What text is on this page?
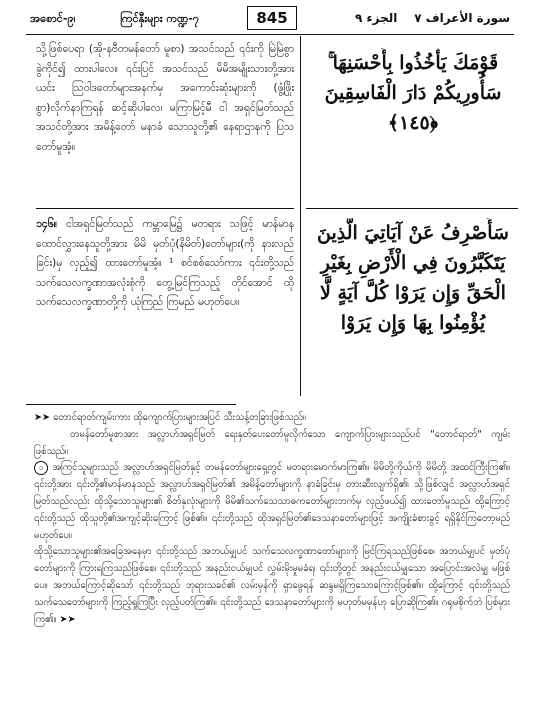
အစောင်-၉၊	ကြင်နှီးများ ကဏ္ဍ-၇	845	الجزء ٩ سورة الأعراف ٧
သို့ဖြစ်ပေရာ (အို-နဗီတမန်တော် မူစာ) အသင်သည် ၎င်းကို မြဲမြဲစွာ ခွဲကိုင်၍ ထားပါလေ။ ၎င်းပြင် အသင်သည် မိမိအမျိုးသားတို့အား ယင်း သြဝါဒတော်များအနက်မှ အကောင်းဆုံးများကို (ဖွံ့ဖြိုးစွာ)လိုက်နာကြရန် ဆင့်ဆိုပါလေ၊ မကြာမြင့်မီ ငါ အရှင်မြတ်သည် အသင်တို့အား အမိန့်တော် မနာခံ သောသူတို့၏ နေရာဌာနကို ပြသတော်မူအံ့။
قَوْمَكَ يَأْخُذُوا بِأَحْسَنِهَا ۚ سَأُورِيكُمْ دَارَ الْفَاسِقِينَ ﴿١٤٥﴾
၁၄၆။ ငါအရှင်မြတ်သည် ကမ္ဘာမြေ၌ မတရား သဖြင့် မာန်မာနထောင်လွှားနေသူတို့အား မိမိ မှတ်ပုံ(နိမိတ်)တော်များ(ကို နားလည်ခြင်း)မှ လှည့်၍ ထားတော်မူအံ့။ ¹ စင်စစ်သော်ကား ၎င်းတို့သည် သက်သေလက္ခဏာအလုံးစုံကို တွေ့မြင်ကြသည့် တိုင်အောင် ထိုသက်သေလက္ခဏာတို့ကို ယုံကြည် ကြမည် မဟုတ်ပေ။
سَأَصْرِفُ عَنْ آيَاتِيَ الَّذِينَ يَتَكَبَّرُونَ فِي الْأَرْضِ بِغَيْرِ الْحَقِّ وَإِن يَرَوْا كُلَّ آيَةٍ لَّا يُؤْمِنُوا بِهَا وَإِن يَرَوْا

➤➤ တောင်ရာတ်ကျမ်းကား ထိုကျောက်ပြားများအပြင် သီးသန့်တခြားဖြစ်သည်။

တမန်တော်မူစာအား အလ္လာဟ်အရှင်မြတ် ရေးနှတ်ပေးတော်မူလိုက်သော ကျောက်ပြားများသည်ပင် "တောင်ရာတ်" ကျမ်း ဖြစ်သည်။

၁ အကြင်သူများသည် အလ္လာဟ်အရှင်မြတ်နှင့် တမန်တော်များရှေ့တွင် မတရားမောက်မာကြ၏။ မိမိတို့ကိုယ်ကို မိမိတို့ အထင်ကြီးကြ၏။ ၎င်းတို့အား ၎င်းတို့၏မာန်မာနသည် အလ္လာဟ်အရှင်မြတ်၏ အမိန့်တော်များကို နာခံခြင်းမှ တားဆီးလျက်ရှိ၏၊ သို့ဖြစ်လျှင် အလ္လာဟ်အရှင်မြတ်သည်လည်း ထိုသို့သောသူများ၏ စိတ်နှလုံးများကို မိမိ၏သက်သေသာဓကတော်များဘက်မှ လှည့်ဖယ်၍ ထားတော်မူသည်၊ ထို့ကြောင့် ၎င်းတို့သည် ထိုသူတို့၏အကျင့်ဆိုးကြောင့် ဖြစ်၏။ ၎င်းတို့သည် ထိုအရှင်မြတ်၏ဒေသနာတော်များဖြင့် အကျိုးခံစားခွင့် ရရှိနိုင်ကြတော့မည် မဟုတ်ပေ။

ထိုသို့သောသူများ၏အခြေအနေမှာ ၎င်းတို့သည် အဘယ်မျှပင် သက်သေလက္ခဏာတော်များကို မြင်ကြရသည်ဖြစ်စေ၊ အဘယ်မျှပင် မှတ်ပုံတော်များကို ကြားရကြသည်ဖြစ်စေ၊ ၎င်းတို့သည် အနည်းငယ်မျှပင် လွှမ်းမိုးမှုမခံရ၊ ၎င်းတို့တွင် အနည်းငယ်မျှသော အပြောင်းအလဲမျှ မဖြစ်ပေ။ အဘယ်ကြောင့်ဆိုသော် ၎င်းတို့သည် ဘုရားသခင်၏ လမ်းမှန်ကို ရှာဖွေရန် ဆန္ဒမရှိကြသောကြောင့်ဖြစ်၏။ ထို့ကြောင့် ၎င်းတို့သည် သက်သေတော်များကို ကြည့်ရှုကြပြီး လှည့်ပတ်ကြ၏။ ၎င်းတို့သည် ဒေသနာတော်များကို မဟုတ်မမှန်ဟု ပြောဆိုကြ၏။ ဂရုမစိုက်ဘဲ ပြစ်မှားကြ၏။ ➤➤
